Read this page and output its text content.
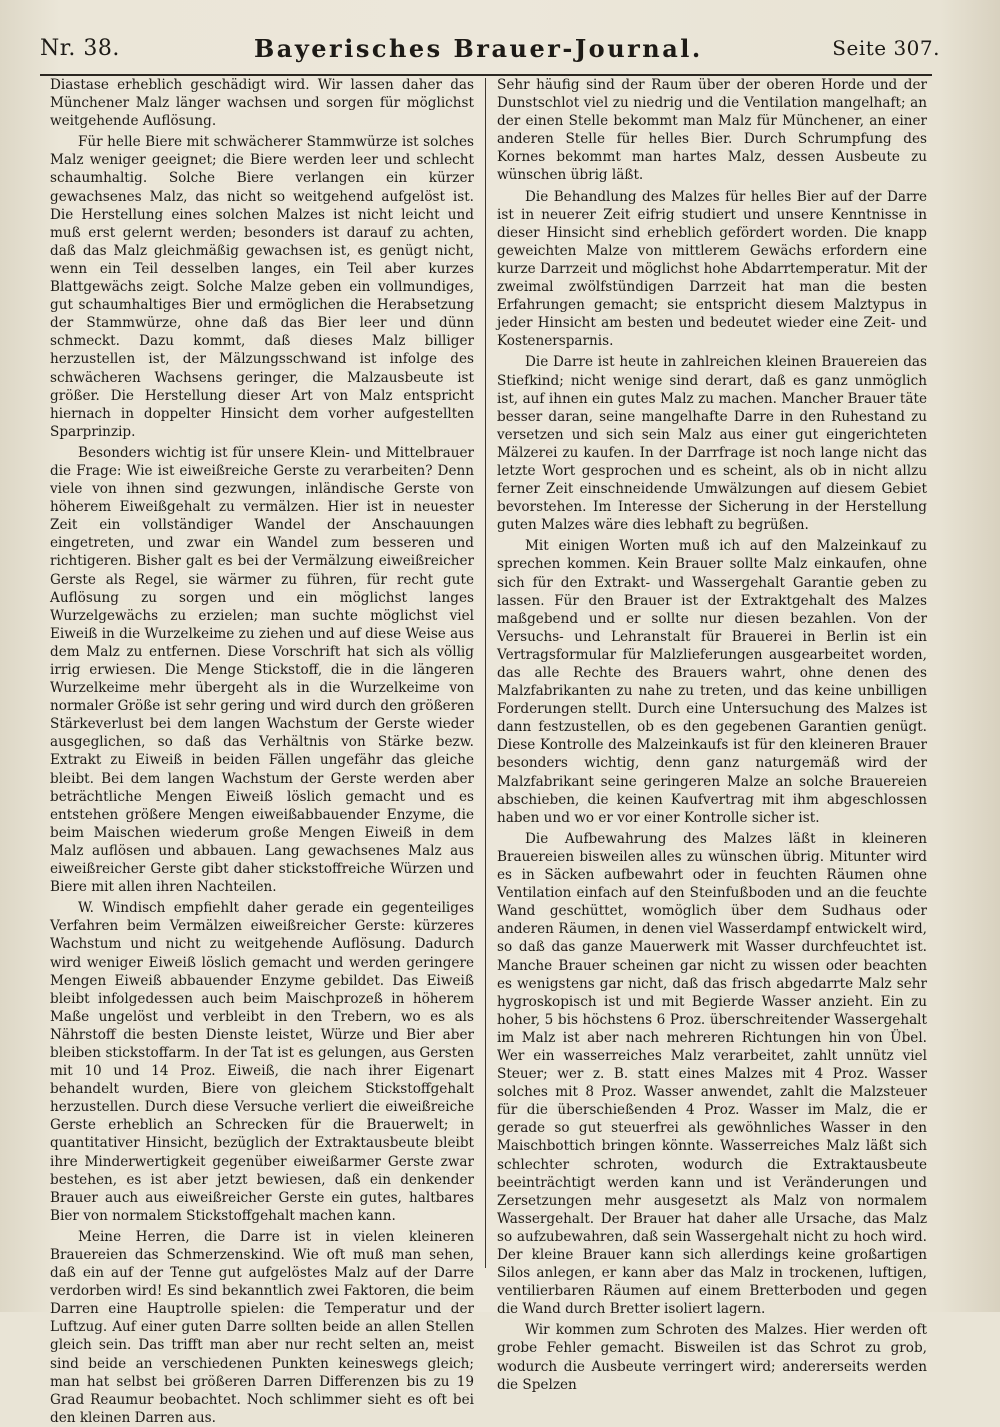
Nr. 38.	Bayerisches Brauer-Journal.	Seite 307.

Diastase erheblich geschädigt wird. Wir lassen daher das Münchener Malz länger wachsen und sorgen für möglichst weitgehende Auflösung.

Für helle Biere mit schwächerer Stammwürze ist solches Malz weniger geeignet; die Biere werden leer und schlecht schaumhaltig. Solche Biere verlangen ein kürzer gewachsenes Malz, das nicht so weitgehend aufgelöst ist. Die Herstellung eines solchen Malzes ist nicht leicht und muß erst gelernt werden; besonders ist darauf zu achten, daß das Malz gleichmäßig gewachsen ist, es genügt nicht, wenn ein Teil desselben langes, ein Teil aber kurzes Blattgewächs zeigt. Solche Malze geben ein vollmundiges, gut schaumhaltiges Bier und ermöglichen die Herabsetzung der Stammwürze, ohne daß das Bier leer und dünn schmeckt. Dazu kommt, daß dieses Malz billiger herzustellen ist, der Mälzungsschwand ist infolge des schwächeren Wachsens geringer, die Malzausbeute ist größer. Die Herstellung dieser Art von Malz entspricht hiernach in doppelter Hinsicht dem vorher aufgestellten Sparprinzip.

Besonders wichtig ist für unsere Klein- und Mittelbrauer die Frage: Wie ist eiweißreiche Gerste zu verarbeiten? Denn viele von ihnen sind gezwungen, inländische Gerste von höherem Eiweißgehalt zu vermälzen. Hier ist in neuester Zeit ein vollständiger Wandel der Anschauungen eingetreten, und zwar ein Wandel zum besseren und richtigeren. Bisher galt es bei der Vermälzung eiweißreicher Gerste als Regel, sie wärmer zu führen, für recht gute Auflösung zu sorgen und ein möglichst langes Wurzelgewächs zu erzielen; man suchte möglichst viel Eiweiß in die Wurzelkeime zu ziehen und auf diese Weise aus dem Malz zu entfernen. Diese Vorschrift hat sich als völlig irrig erwiesen. Die Menge Stickstoff, die in die längeren Wurzelkeime mehr übergeht als in die Wurzelkeime von normaler Größe ist sehr gering und wird durch den größeren Stärkeverlust bei dem langen Wachstum der Gerste wieder ausgeglichen, so daß das Verhältnis von Stärke bezw. Extrakt zu Eiweiß in beiden Fällen ungefähr das gleiche bleibt. Bei dem langen Wachstum der Gerste werden aber beträchtliche Mengen Eiweiß löslich gemacht und es entstehen größere Mengen eiweißabbauender Enzyme, die beim Maischen wiederum große Mengen Eiweiß in dem Malz auflösen und abbauen. Lang gewachsenes Malz aus eiweißreicher Gerste gibt daher stickstoffreiche Würzen und Biere mit allen ihren Nachteilen.

W. Windisch empfiehlt daher gerade ein gegenteiliges Verfahren beim Vermälzen eiweißreicher Gerste: kürzeres Wachstum und nicht zu weitgehende Auflösung. Dadurch wird weniger Eiweiß löslich gemacht und werden geringere Mengen Eiweiß abbauender Enzyme gebildet. Das Eiweiß bleibt infolgedessen auch beim Maischprozeß in höherem Maße ungelöst und verbleibt in den Trebern, wo es als Nährstoff die besten Dienste leistet, Würze und Bier aber bleiben stickstoffarm. In der Tat ist es gelungen, aus Gersten mit 10 und 14 Proz. Eiweiß, die nach ihrer Eigenart behandelt wurden, Biere von gleichem Stickstoffgehalt herzustellen. Durch diese Versuche verliert die eiweißreiche Gerste erheblich an Schrecken für die Brauerwelt; in quantitativer Hinsicht, bezüglich der Extraktausbeute bleibt ihre Minderwertigkeit gegenüber eiweißarmer Gerste zwar bestehen, es ist aber jetzt bewiesen, daß ein denkender Brauer auch aus eiweißreicher Gerste ein gutes, haltbares Bier von normalem Stickstoffgehalt machen kann.

Meine Herren, die Darre ist in vielen kleineren Brauereien das Schmerzenskind. Wie oft muß man sehen, daß ein auf der Tenne gut aufgelöstes Malz auf der Darre verdorben wird! Es sind bekanntlich zwei Faktoren, die beim Darren eine Hauptrolle spielen: die Temperatur und der Luftzug. Auf einer guten Darre sollten beide an allen Stellen gleich sein. Das trifft man aber nur recht selten an, meist sind beide an verschiedenen Punkten keineswegs gleich; man hat selbst bei größeren Darren Differenzen bis zu 19 Grad Reaumur beobachtet. Noch schlimmer sieht es oft bei den kleinen Darren aus.

Sehr häufig sind der Raum über der oberen Horde und der Dunstschlot viel zu niedrig und die Ventilation mangelhaft; an der einen Stelle bekommt man Malz für Münchener, an einer anderen Stelle für helles Bier. Durch Schrumpfung des Kornes bekommt man hartes Malz, dessen Ausbeute zu wünschen übrig läßt.

Die Behandlung des Malzes für helles Bier auf der Darre ist in neuerer Zeit eifrig studiert und unsere Kenntnisse in dieser Hinsicht sind erheblich gefördert worden. Die knapp geweichten Malze von mittlerem Gewächs erfordern eine kurze Darrzeit und möglichst hohe Abdarrtemperatur. Mit der zweimal zwölfstündigen Darrzeit hat man die besten Erfahrungen gemacht; sie entspricht diesem Malztypus in jeder Hinsicht am besten und bedeutet wieder eine Zeit- und Kostenersparnis.

Die Darre ist heute in zahlreichen kleinen Brauereien das Stiefkind; nicht wenige sind derart, daß es ganz unmöglich ist, auf ihnen ein gutes Malz zu machen. Mancher Brauer täte besser daran, seine mangelhafte Darre in den Ruhestand zu versetzen und sich sein Malz aus einer gut eingerichteten Mälzerei zu kaufen. In der Darrfrage ist noch lange nicht das letzte Wort gesprochen und es scheint, als ob in nicht allzu ferner Zeit einschneidende Umwälzungen auf diesem Gebiet bevorstehen. Im Interesse der Sicherung in der Herstellung guten Malzes wäre dies lebhaft zu begrüßen.

Mit einigen Worten muß ich auf den Malzeinkauf zu sprechen kommen. Kein Brauer sollte Malz einkaufen, ohne sich für den Extrakt- und Wassergehalt Garantie geben zu lassen. Für den Brauer ist der Extraktgehalt des Malzes maßgebend und er sollte nur diesen bezahlen. Von der Versuchs- und Lehranstalt für Brauerei in Berlin ist ein Vertragsformular für Malzlieferungen ausgearbeitet worden, das alle Rechte des Brauers wahrt, ohne denen des Malzfabrikanten zu nahe zu treten, und das keine unbilligen Forderungen stellt. Durch eine Untersuchung des Malzes ist dann festzustellen, ob es den gegebenen Garantien genügt. Diese Kontrolle des Malzeinkaufs ist für den kleineren Brauer besonders wichtig, denn ganz naturgemäß wird der Malzfabrikant seine geringeren Malze an solche Brauereien abschieben, die keinen Kaufvertrag mit ihm abgeschlossen haben und wo er vor einer Kontrolle sicher ist.

Die Aufbewahrung des Malzes läßt in kleineren Brauereien bisweilen alles zu wünschen übrig. Mitunter wird es in Säcken aufbewahrt oder in feuchten Räumen ohne Ventilation einfach auf den Steinfußboden und an die feuchte Wand geschüttet, womöglich über dem Sudhaus oder anderen Räumen, in denen viel Wasserdampf entwickelt wird, so daß das ganze Mauerwerk mit Wasser durchfeuchtet ist. Manche Brauer scheinen gar nicht zu wissen oder beachten es wenigstens gar nicht, daß das frisch abgedarrte Malz sehr hygroskopisch ist und mit Begierde Wasser anzieht. Ein zu hoher, 5 bis höchstens 6 Proz. überschreitender Wassergehalt im Malz ist aber nach mehreren Richtungen hin von Übel. Wer ein wasserreiches Malz verarbeitet, zahlt unnütz viel Steuer; wer z. B. statt eines Malzes mit 4 Proz. Wasser solches mit 8 Proz. Wasser anwendet, zahlt die Malzsteuer für die überschießenden 4 Proz. Wasser im Malz, die er gerade so gut steuerfrei als gewöhnliches Wasser in den Maischbottich bringen könnte. Wasserreiches Malz läßt sich schlechter schroten, wodurch die Extraktausbeute beeinträchtigt werden kann und ist Veränderungen und Zersetzungen mehr ausgesetzt als Malz von normalem Wassergehalt. Der Brauer hat daher alle Ursache, das Malz so aufzubewahren, daß sein Wassergehalt nicht zu hoch wird. Der kleine Brauer kann sich allerdings keine großartigen Silos anlegen, er kann aber das Malz in trockenen, luftigen, ventilierbaren Räumen auf einem Bretterboden und gegen die Wand durch Bretter isoliert lagern.

Wir kommen zum Schroten des Malzes. Hier werden oft grobe Fehler gemacht. Bisweilen ist das Schrot zu grob, wodurch die Ausbeute verringert wird; andererseits werden die Spelzen
